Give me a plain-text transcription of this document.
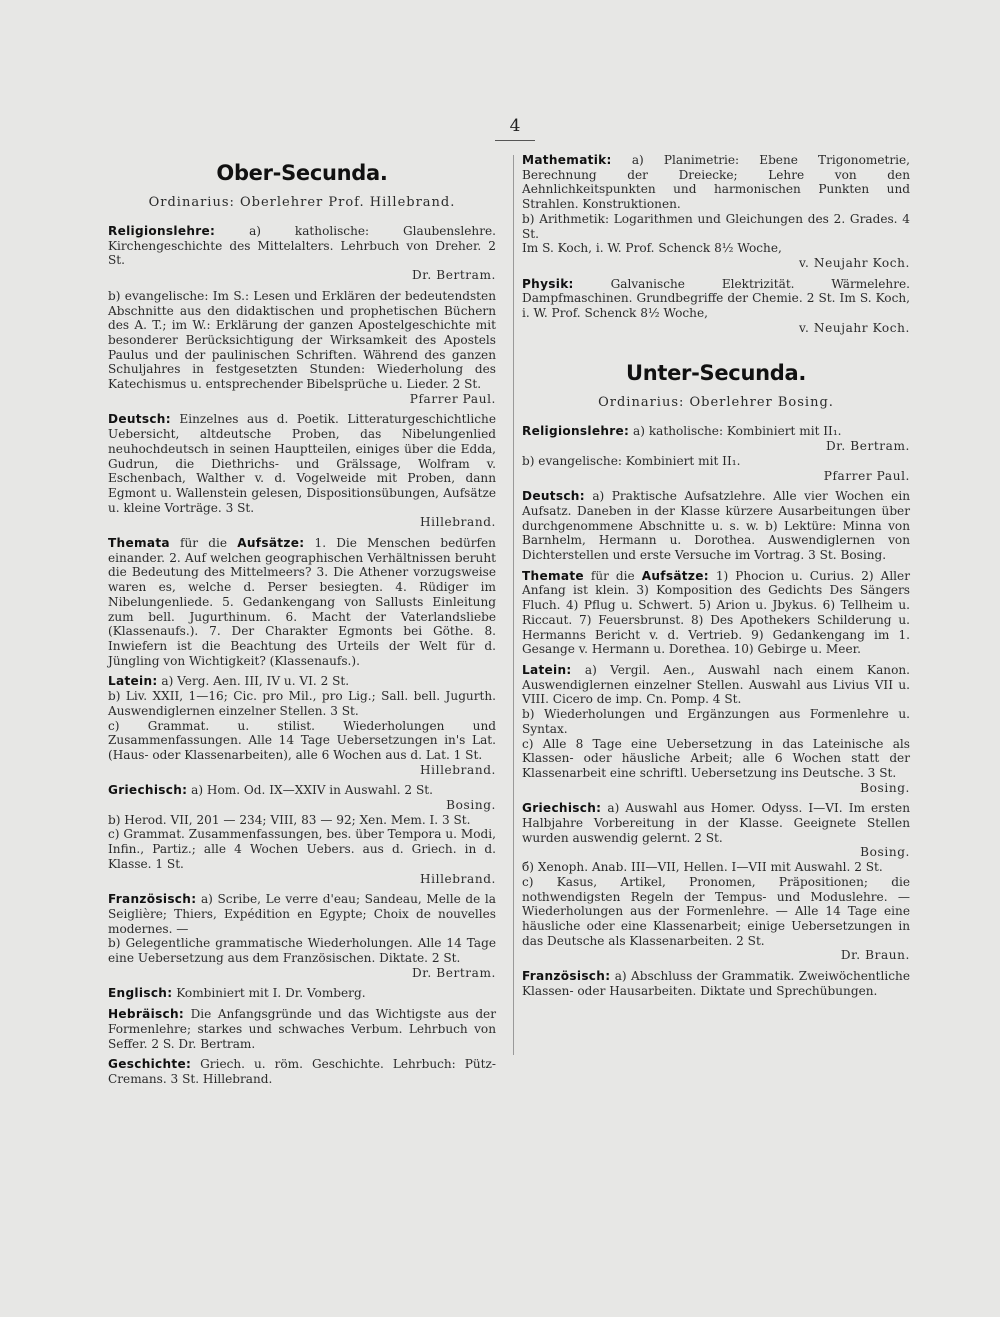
4
Ober-Secunda.
Ordinarius: Oberlehrer Prof. Hillebrand.

Religionslehre:	a) katholische: Glaubenslehre. Kirchengeschichte des Mittelalters. Lehrbuch von Dreher. 2 St.
Dr. Bertram.

b) evangelische: Im S.: Lesen und Erklären der bedeutendsten Abschnitte aus den didaktischen und prophetischen Büchern des A. T.; im W.: Erklärung der ganzen Apostelgeschichte mit besonderer Berücksichtigung der Wirksamkeit des Apostels Paulus und der paulinischen Schriften. Während des ganzen Schuljahres in festgesetzten Stunden: Wiederholung des Katechismus u. entsprechender Bibelsprüche u. Lieder. 2 St.
Pfarrer Paul.

Deutsch: Einzelnes aus d. Poetik. Litteraturgeschichtliche Uebersicht, altdeutsche Proben, das Nibelungenlied neuhochdeutsch in seinen Hauptteilen, einiges über die Edda, Gudrun, die Diethrichs- und Grälssage, Wolfram v. Eschenbach, Walther v. d. Vogelweide mit Proben, dann Egmont u. Wallenstein gelesen, Dispositionsübungen, Aufsätze u. kleine Vorträge. 3 St.
Hillebrand.

Themata für die Aufsätze: 1. Die Menschen bedürfen einander. 2. Auf welchen geographischen Verhältnissen beruht die Bedeutung des Mittelmeers? 3. Die Athener vorzugsweise waren es, welche d. Perser besiegten. 4. Rüdiger im Nibelungenliede. 5. Gedankengang von Sallusts Einleitung zum bell. Jugurthinum. 6. Macht der Vaterlandsliebe (Klassenaufs.). 7. Der Charakter Egmonts bei Göthe. 8. Inwiefern ist die Beachtung des Urteils der Welt für d. Jüngling von Wichtigkeit? (Klassenaufs.).

Latein: a) Verg. Aen. III, IV u. VI. 2 St.
b) Liv. XXII, 1—16; Cic. pro Mil., pro Lig.; Sall. bell. Jugurth. Auswendiglernen einzelner Stellen. 3 St.
c) Grammat. u. stilist. Wiederholungen und Zusammenfassungen. Alle 14 Tage Uebersetzungen in's Lat. (Haus- oder Klassenarbeiten), alle 6 Wochen aus d. Lat. 1 St.
Hillebrand.

Griechisch: a) Hom. Od. IX—XXIV in Auswahl. 2 St.
Bosing.
b) Herod. VII, 201 — 234; VIII, 83 — 92; Xen. Mem. I. 3 St.
c) Grammat. Zusammenfassungen, bes. über Tempora u. Modi, Infin., Partiz.; alle 4 Wochen Uebers. aus d. Griech. in d. Klasse. 1 St.
Hillebrand.

Französisch: a) Scribe, Le verre d'eau; Sandeau, Melle de la Seiglière; Thiers, Expédition en Egypte; Choix de nouvelles modernes. —
b) Gelegentliche grammatische Wiederholungen. Alle 14 Tage eine Uebersetzung aus dem Französischen. Diktate. 2 St.
Dr. Bertram.

Englisch: Kombiniert mit I. Dr. Vomberg.

Hebräisch: Die Anfangsgründe und das Wichtigste aus der Formenlehre; starkes und schwaches Verbum. Lehrbuch von Seffer. 2 S. Dr. Bertram.

Geschichte: Griech. u. röm. Geschichte. Lehrbuch: Pütz-Cremans. 3 St. Hillebrand.

Mathematik: a) Planimetrie: Ebene Trigonometrie, Berechnung der Dreiecke; Lehre von den Aehnlichkeitspunkten und harmonischen Punkten und Strahlen. Konstruktionen.
b) Arithmetik: Logarithmen und Gleichungen des 2. Grades. 4 St.
Im S. Koch, i. W. Prof. Schenck 8½ Woche,
v. Neujahr Koch.

Physik:	Galvanische Elektrizität. Wärmelehre. Dampfmaschinen. Grundbegriffe der Chemie. 2 St. Im S. Koch, i. W. Prof. Schenck 8½ Woche,
v. Neujahr Koch.

Unter-Secunda.
Ordinarius: Oberlehrer Bosing.

Religionslehre: a) katholische: Kombiniert mit II₁.
Dr. Bertram.
b) evangelische: Kombiniert mit II₁.
Pfarrer Paul.

Deutsch: a) Praktische Aufsatzlehre. Alle vier Wochen ein Aufsatz. Daneben in der Klasse kürzere Ausarbeitungen über durchgenommene Abschnitte u. s. w. b) Lektüre: Minna von Barnhelm, Hermann u. Dorothea. Auswendiglernen von Dichterstellen und erste Versuche im Vortrag. 3 St. Bosing.

Themate für die Aufsätze: 1) Phocion u. Curius. 2) Aller Anfang ist klein. 3) Komposition des Gedichts Des Sängers Fluch. 4) Pflug u. Schwert. 5) Arion u. Jbykus. 6) Tellheim u. Riccaut. 7) Feuersbrunst. 8) Des Apothekers Schilderung u. Hermanns Bericht v. d. Vertrieb. 9) Gedankengang im 1. Gesange v. Hermann u. Dorethea. 10) Gebirge u. Meer.

Latein: a) Vergil. Aen., Auswahl nach einem Kanon. Auswendiglernen einzelner Stellen. Auswahl aus Livius VII u. VIII. Cicero de imp. Cn. Pomp. 4 St.
b) Wiederholungen und Ergänzungen aus Formenlehre u. Syntax.
c) Alle 8 Tage eine Uebersetzung in das Lateinische als Klassen- oder häusliche Arbeit; alle 6 Wochen statt der Klassenarbeit eine schriftl. Uebersetzung ins Deutsche. 3 St.
Bosing.

Griechisch: a) Auswahl aus Homer. Odyss. I—VI. Im ersten Halbjahre Vorbereitung in der Klasse. Geeignete Stellen wurden auswendig gelernt. 2 St.
Bosing.
б) Xenoph. Anab. III—VII, Hellen. I—VII mit Auswahl. 2 St.
c) Kasus, Artikel, Pronomen, Präpositionen; die nothwendigsten Regeln der Tempus- und Moduslehre. — Wiederholungen aus der Formenlehre. — Alle 14 Tage eine häusliche oder eine Klassenarbeit; einige Uebersetzungen in das Deutsche als Klassenarbeiten. 2 St.
Dr. Braun.

Französisch: a) Abschluss der Grammatik. Zweiwöchentliche Klassen- oder Hausarbeiten. Diktate und Sprechübungen.
